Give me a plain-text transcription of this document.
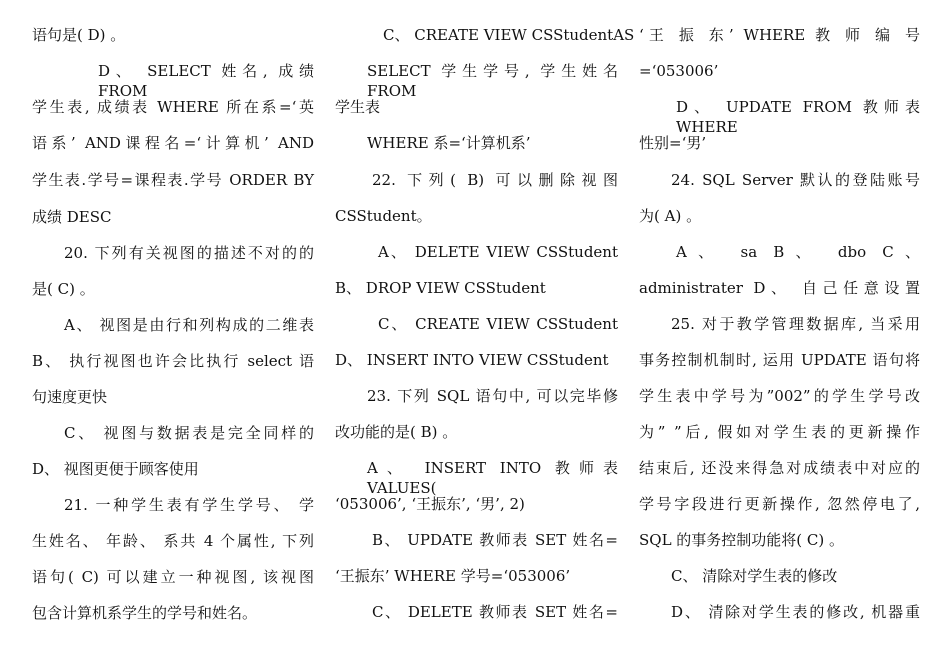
语句是( D) 。
D、 SELECT 姓名, 成绩 FROM
学生表, 成绩表 WHERE 所在系=‘英
语系’ AND课程名=‘计算机’ AND
学生表.学号=课程表.学号 ORDER BY
成绩 DESC
20. 下列有关视图的描述不对的的
是( C) 。
A、 视图是由行和列构成的二维表
B、 执行视图也许会比执行 select 语
句速度更快
C、 视图与数据表是完全同样的
D、 视图更便于顾客使用
21. 一种学生表有学生学号、 学
生姓名、 年龄、 系共 4 个属性, 下列
语句( C) 可以建立一种视图, 该视图
包含计算机系学生的学号和姓名。
C、 CREATE VIEW CSStudentAS
SELECT 学生学号, 学生姓名 FROM
学生表
WHERE 系=‘计算机系’
22. 下列( B) 可以删除视图
CSStudent。
A、 DELETE VIEW CSStudent
B、 DROP VIEW CSStudent
C、 CREATE VIEW CSStudent
D、 INSERT INTO VIEW CSStudent
23. 下列 SQL 语句中, 可以完毕修
改功能的是( B) 。
A、 INSERT INTO 教师表 VALUES(
‘053006’, ‘王振东’, ‘男’, 2)
B、 UPDATE 教师表 SET 姓名=
‘王振东’ WHERE 学号=‘053006’
C、 DELETE 教师表 SET 姓名=
‘王 振 东’ WHERE 教 师 编 号
=‘053006’
D、 UPDATE FROM 教师表 WHERE
性别=‘男’
24. SQL Server 默认的登陆账号
为( A) 。
A、 sa B、 dbo C、
administrater D、 自己任意设置
25. 对于教学管理数据库, 当采用
事务控制机制时, 运用 UPDATE 语句将
学生表中学号为”002”的学生学号改
为” ”后, 假如对学生表的更新操作
结束后, 还没来得急对成绩表中对应的
学号字段进行更新操作, 忽然停电了,
SQL 的事务控制功能将( C) 。
C、 清除对学生表的修改
D、 清除对学生表的修改, 机器重
